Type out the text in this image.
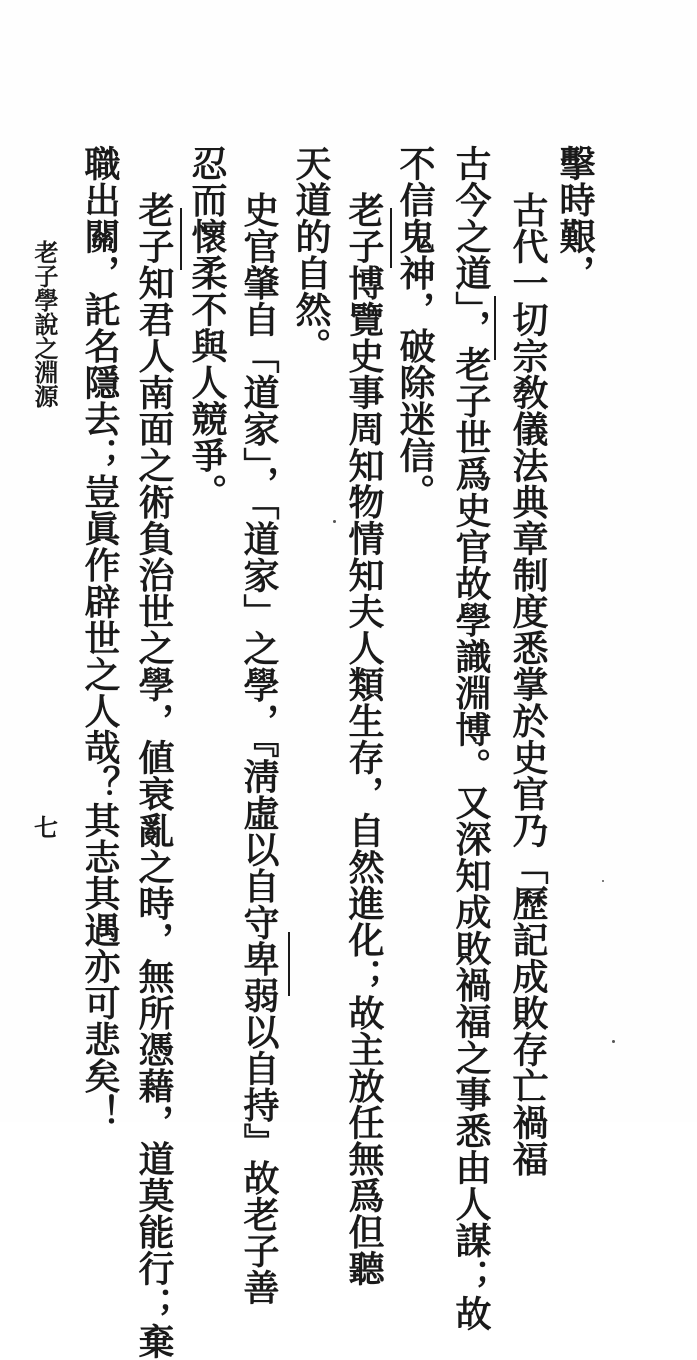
擊時艱，
　古代一切宗敎儀法典章制度悉掌於史官乃「歷記成敗存亡禍福
古今之道」，老子世爲史官故學識淵博。又深知成敗禍福之事悉由人謀；故
不信鬼神，破除迷信。
　老子博覽史事周知物情知夫人類生存，自然進化；故主放任無爲但聽
天道的自然。
　史官肇自「道家」，「道家」之學，『淸虛以自守卑弱以自持』故老子善
忍而懷柔不與人競爭。
　老子知君人南面之術負治世之學，値衰亂之時，無所憑藉，道莫能行；棄
職出關，託名隱去；豈眞作辟世之人哉？其志其遇亦可悲矣！
老子學說之淵源
七
